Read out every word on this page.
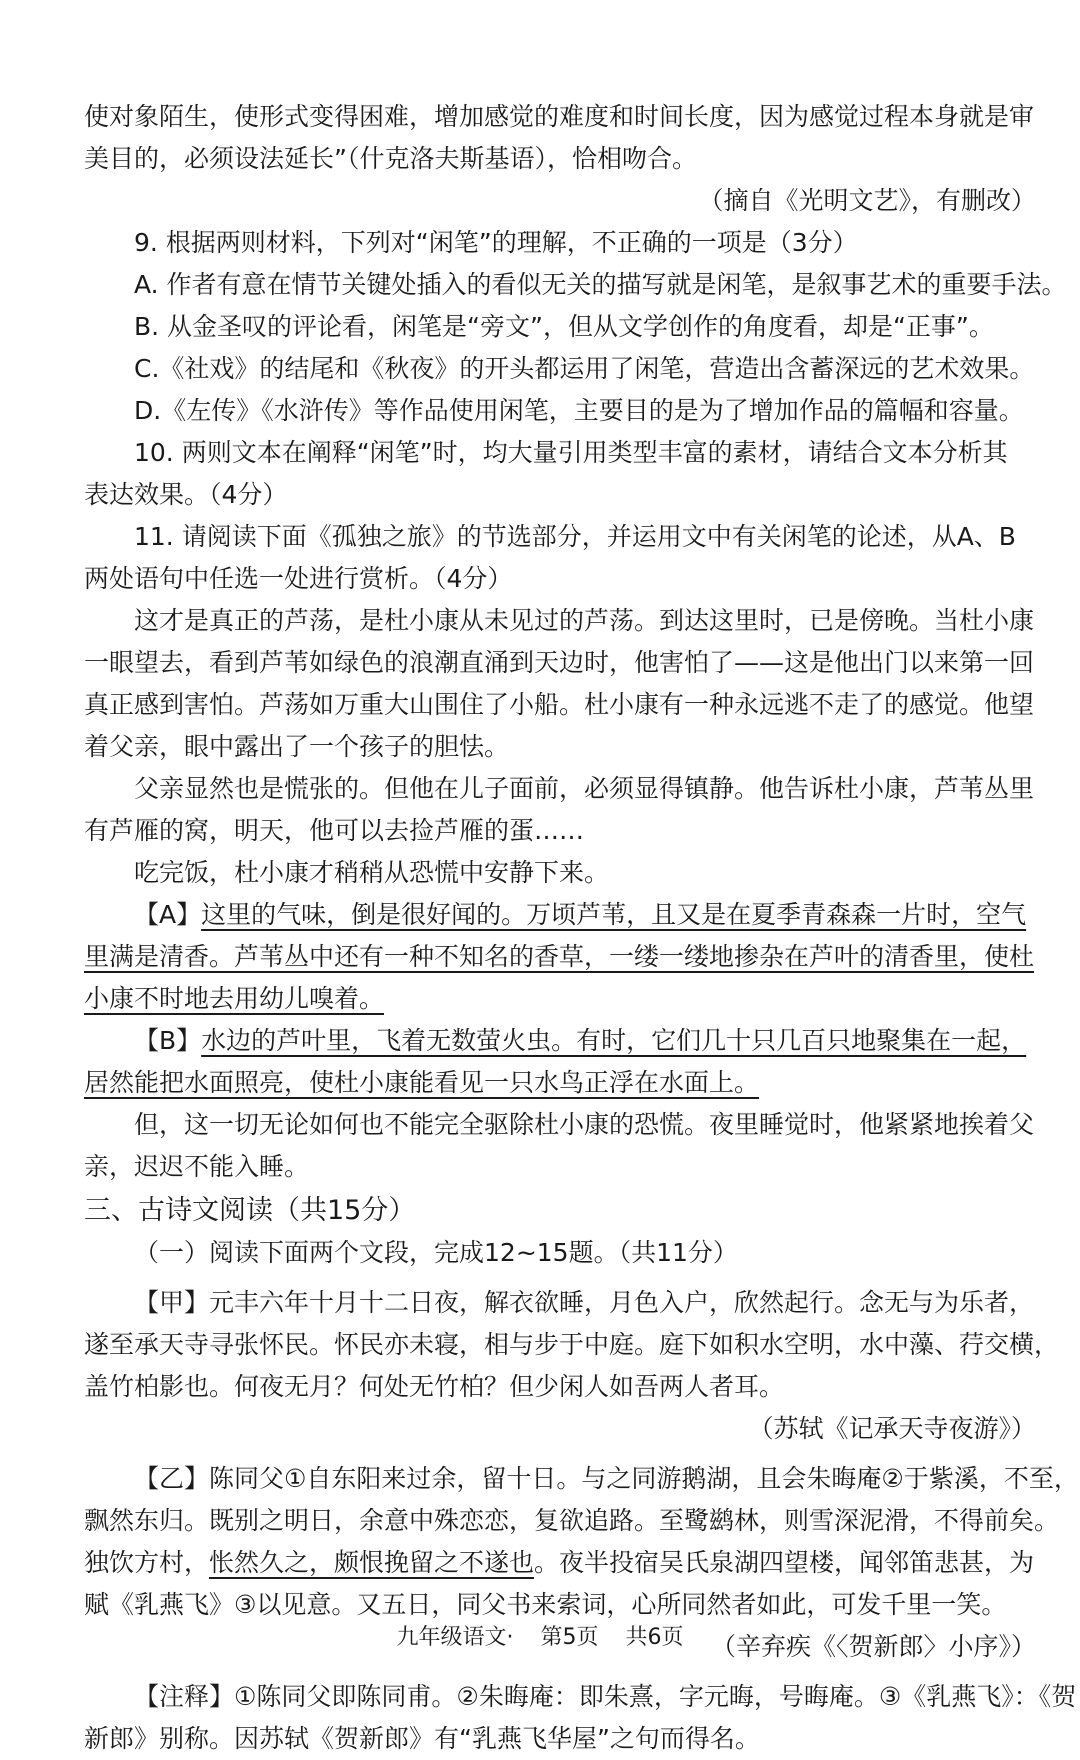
使对象陌生，使形式变得困难，增加感觉的难度和时间长度，因为感觉过程本身就是审
美目的，必须设法延长”（什克洛夫斯基语），恰相吻合。
（摘自《光明文艺》，有删改）
9. 根据两则材料，下列对“闲笔”的理解，不正确的一项是（3分）
A. 作者有意在情节关键处插入的看似无关的描写就是闲笔，是叙事艺术的重要手法。
B. 从金圣叹的评论看，闲笔是“旁文”，但从文学创作的角度看，却是“正事”。
C.《社戏》的结尾和《秋夜》的开头都运用了闲笔，营造出含蓄深远的艺术效果。
D.《左传》《水浒传》等作品使用闲笔，主要目的是为了增加作品的篇幅和容量。
10. 两则文本在阐释“闲笔”时，均大量引用类型丰富的素材，请结合文本分析其
表达效果。（4分）
11. 请阅读下面《孤独之旅》的节选部分，并运用文中有关闲笔的论述，从A、B
两处语句中任选一处进行赏析。（4分）
这才是真正的芦荡，是杜小康从未见过的芦荡。到达这里时，已是傍晚。当杜小康
一眼望去，看到芦苇如绿色的浪潮直涌到天边时，他害怕了——这是他出门以来第一回
真正感到害怕。芦荡如万重大山围住了小船。杜小康有一种永远逃不走了的感觉。他望
着父亲，眼中露出了一个孩子的胆怯。
父亲显然也是慌张的。但他在儿子面前，必须显得镇静。他告诉杜小康，芦苇丛里
有芦雁的窝，明天，他可以去捡芦雁的蛋……
吃完饭，杜小康才稍稍从恐慌中安静下来。
【A】这里的气味，倒是很好闻的。万顷芦苇，且又是在夏季青森森一片时，空气
里满是清香。芦苇丛中还有一种不知名的香草，一缕一缕地掺杂在芦叶的清香里，使杜
小康不时地去用幼儿嗅着。
【B】水边的芦叶里，飞着无数萤火虫。有时，它们几十只几百只地聚集在一起，
居然能把水面照亮，使杜小康能看见一只水鸟正浮在水面上。
但，这一切无论如何也不能完全驱除杜小康的恐慌。夜里睡觉时，他紧紧地挨着父
亲，迟迟不能入睡。
三、古诗文阅读（共15分）
（一）阅读下面两个文段，完成12~15题。（共11分）
【甲】元丰六年十月十二日夜，解衣欲睡，月色入户，欣然起行。念无与为乐者，
遂至承天寺寻张怀民。怀民亦未寝，相与步于中庭。庭下如积水空明，水中藻、荇交横，
盖竹柏影也。何夜无月？何处无竹柏？但少闲人如吾两人者耳。
（苏轼《记承天寺夜游》）
【乙】陈同父①自东阳来过余，留十日。与之同游鹅湖，且会朱晦庵②于紫溪，不至，
飘然东归。既别之明日，余意中殊恋恋，复欲追路。至鹭鹚林，则雪深泥滑，不得前矣。
独饮方村，怅然久之，颇恨挽留之不遂也。夜半投宿吴氏泉湖四望楼，闻邻笛悲甚，为
赋《乳燕飞》③以见意。又五日，同父书来索词，心所同然者如此，可发千里一笑。
（辛弃疾《〈贺新郎〉小序》）
【注释】①陈同父即陈同甫。②朱晦庵：即朱熹，字元晦，号晦庵。③《乳燕飞》：《贺
新郎》别称。因苏轼《贺新郎》有“乳燕飞华屋”之句而得名。
九年级语文· 第5页 共6页
